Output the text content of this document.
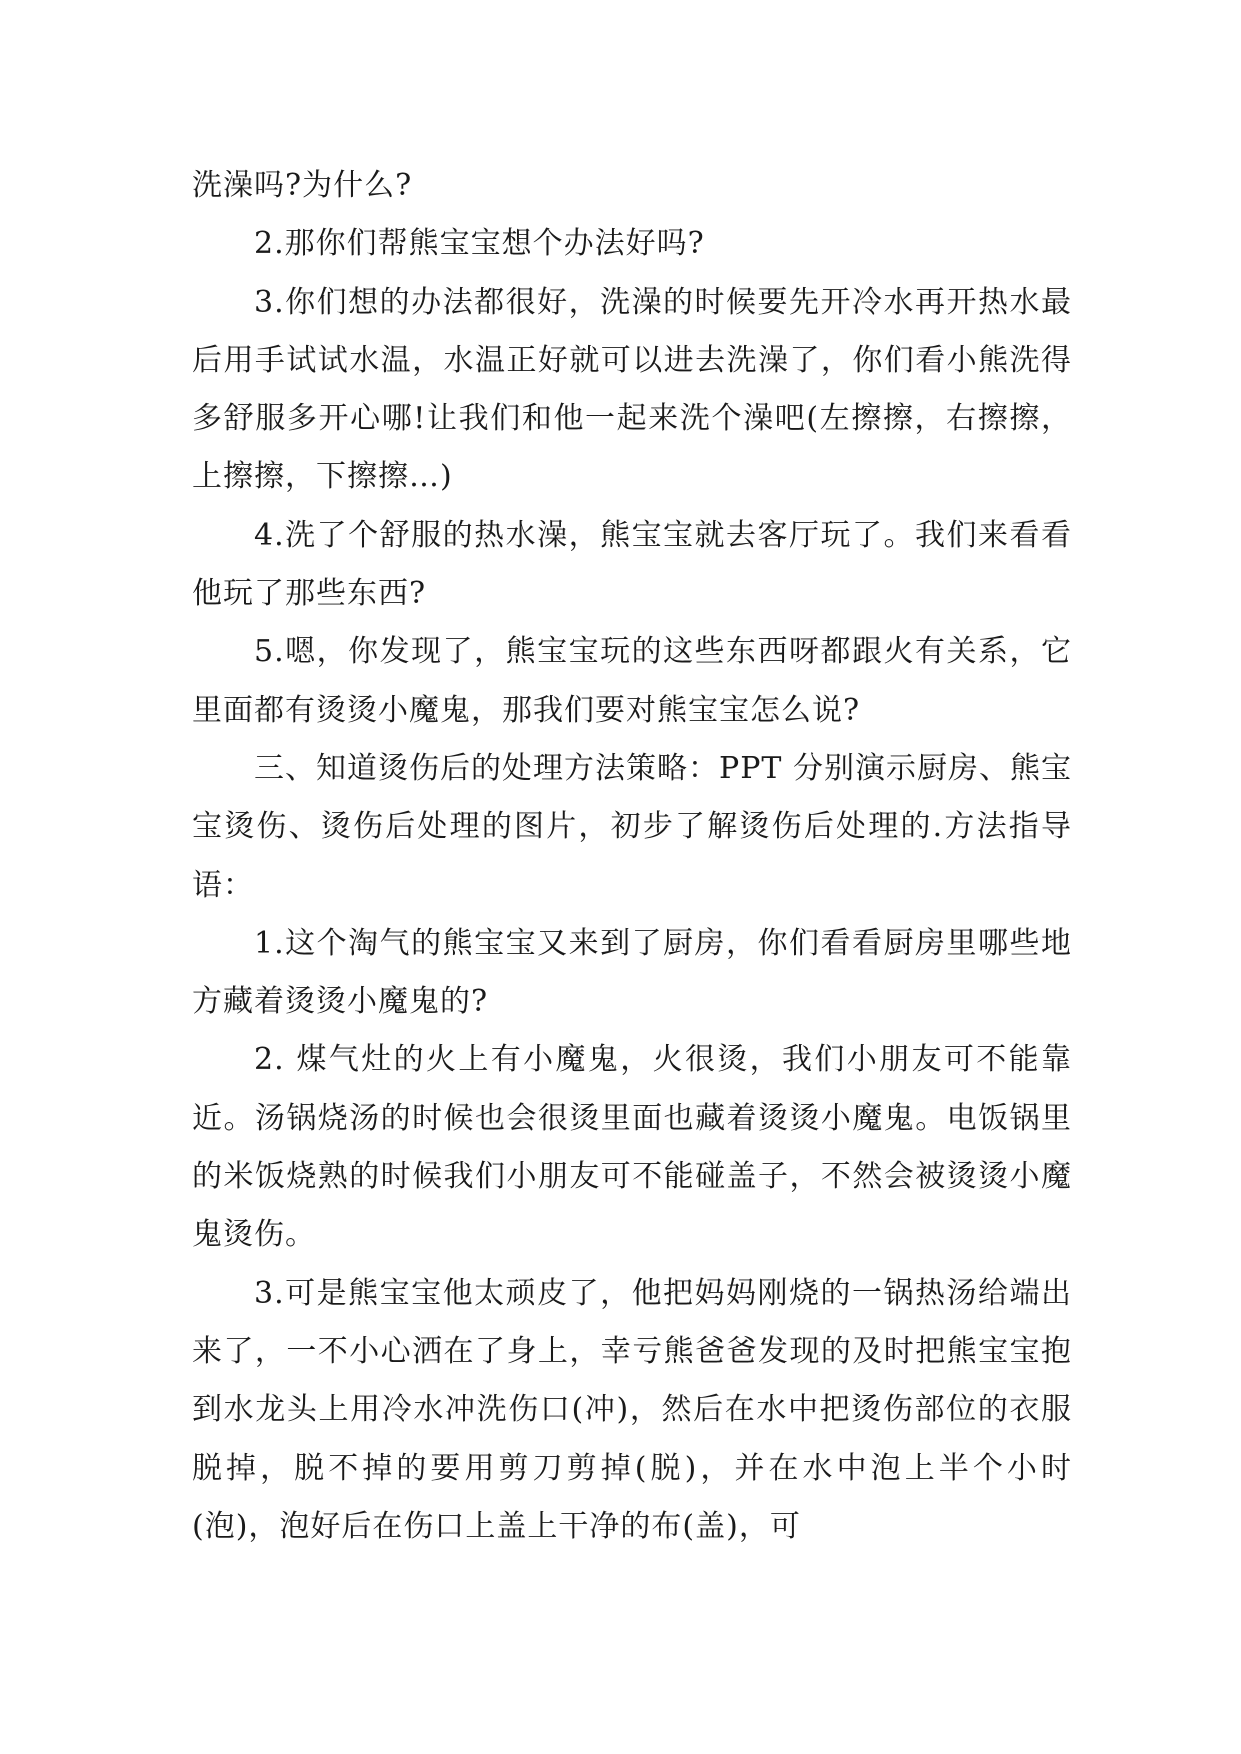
洗澡吗?为什么?

2.那你们帮熊宝宝想个办法好吗?

3.你们想的办法都很好，洗澡的时候要先开冷水再开热水最后用手试试水温，水温正好就可以进去洗澡了，你们看小熊洗得多舒服多开心哪!让我们和他一起来洗个澡吧(左擦擦，右擦擦，上擦擦，下擦擦…)

4.洗了个舒服的热水澡，熊宝宝就去客厅玩了。我们来看看他玩了那些东西?

5.嗯，你发现了，熊宝宝玩的这些东西呀都跟火有关系，它里面都有烫烫小魔鬼，那我们要对熊宝宝怎么说?

三、知道烫伤后的处理方法策略：PPT 分别演示厨房、熊宝宝烫伤、烫伤后处理的图片，初步了解烫伤后处理的.方法指导语：

1.这个淘气的熊宝宝又来到了厨房，你们看看厨房里哪些地方藏着烫烫小魔鬼的?

2. 煤气灶的火上有小魔鬼，火很烫，我们小朋友可不能靠近。汤锅烧汤的时候也会很烫里面也藏着烫烫小魔鬼。电饭锅里的米饭烧熟的时候我们小朋友可不能碰盖子，不然会被烫烫小魔鬼烫伤。

3.可是熊宝宝他太顽皮了，他把妈妈刚烧的一锅热汤给端出来了，一不小心洒在了身上，幸亏熊爸爸发现的及时把熊宝宝抱到水龙头上用冷水冲洗伤口(冲)，然后在水中把烫伤部位的衣服脱掉，脱不掉的要用剪刀剪掉(脱)，并在水中泡上半个小时(泡)，泡好后在伤口上盖上干净的布(盖)，可
